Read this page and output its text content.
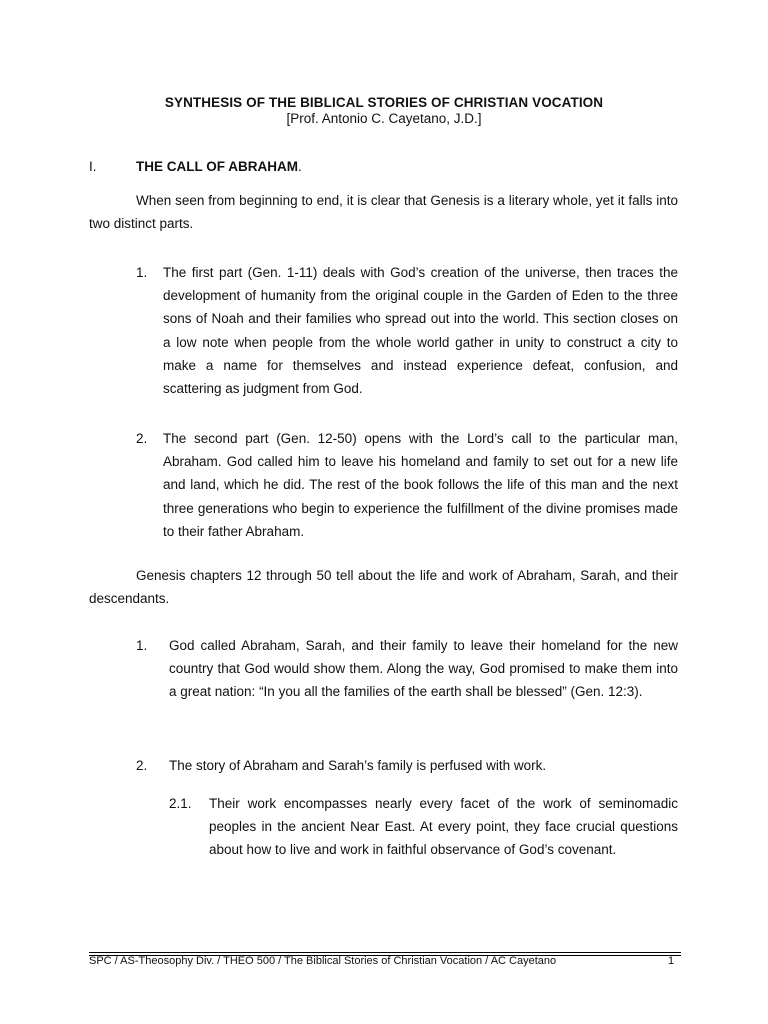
SYNTHESIS OF THE BIBLICAL STORIES OF CHRISTIAN VOCATION
[Prof. Antonio C. Cayetano, J.D.]
I.	THE CALL OF ABRAHAM.

When seen from beginning to end, it is clear that Genesis is a literary whole, yet it falls into two distinct parts.

1. The first part (Gen. 1-11) deals with God’s creation of the universe, then traces the development of humanity from the original couple in the Garden of Eden to the three sons of Noah and their families who spread out into the world. This section closes on a low note when people from the whole world gather in unity to construct a city to make a name for themselves and instead experience defeat, confusion, and scattering as judgment from God.

2. The second part (Gen. 12-50) opens with the Lord’s call to the particular man, Abraham. God called him to leave his homeland and family to set out for a new life and land, which he did. The rest of the book follows the life of this man and the next three generations who begin to experience the fulfillment of the divine promises made to their father Abraham.

Genesis chapters 12 through 50 tell about the life and work of Abraham, Sarah, and their descendants.

1. God called Abraham, Sarah, and their family to leave their homeland for the new country that God would show them. Along the way, God promised to make them into a great nation: “In you all the families of the earth shall be blessed” (Gen. 12:3).

2. The story of Abraham and Sarah’s family is perfused with work.

2.1. Their work encompasses nearly every facet of the work of seminomadic peoples in the ancient Near East. At every point, they face crucial questions about how to live and work in faithful observance of God’s covenant.

SPC / AS-Theosophy Div. / THEO 500 / The Biblical Stories of Christian Vocation / AC Cayetano	1
